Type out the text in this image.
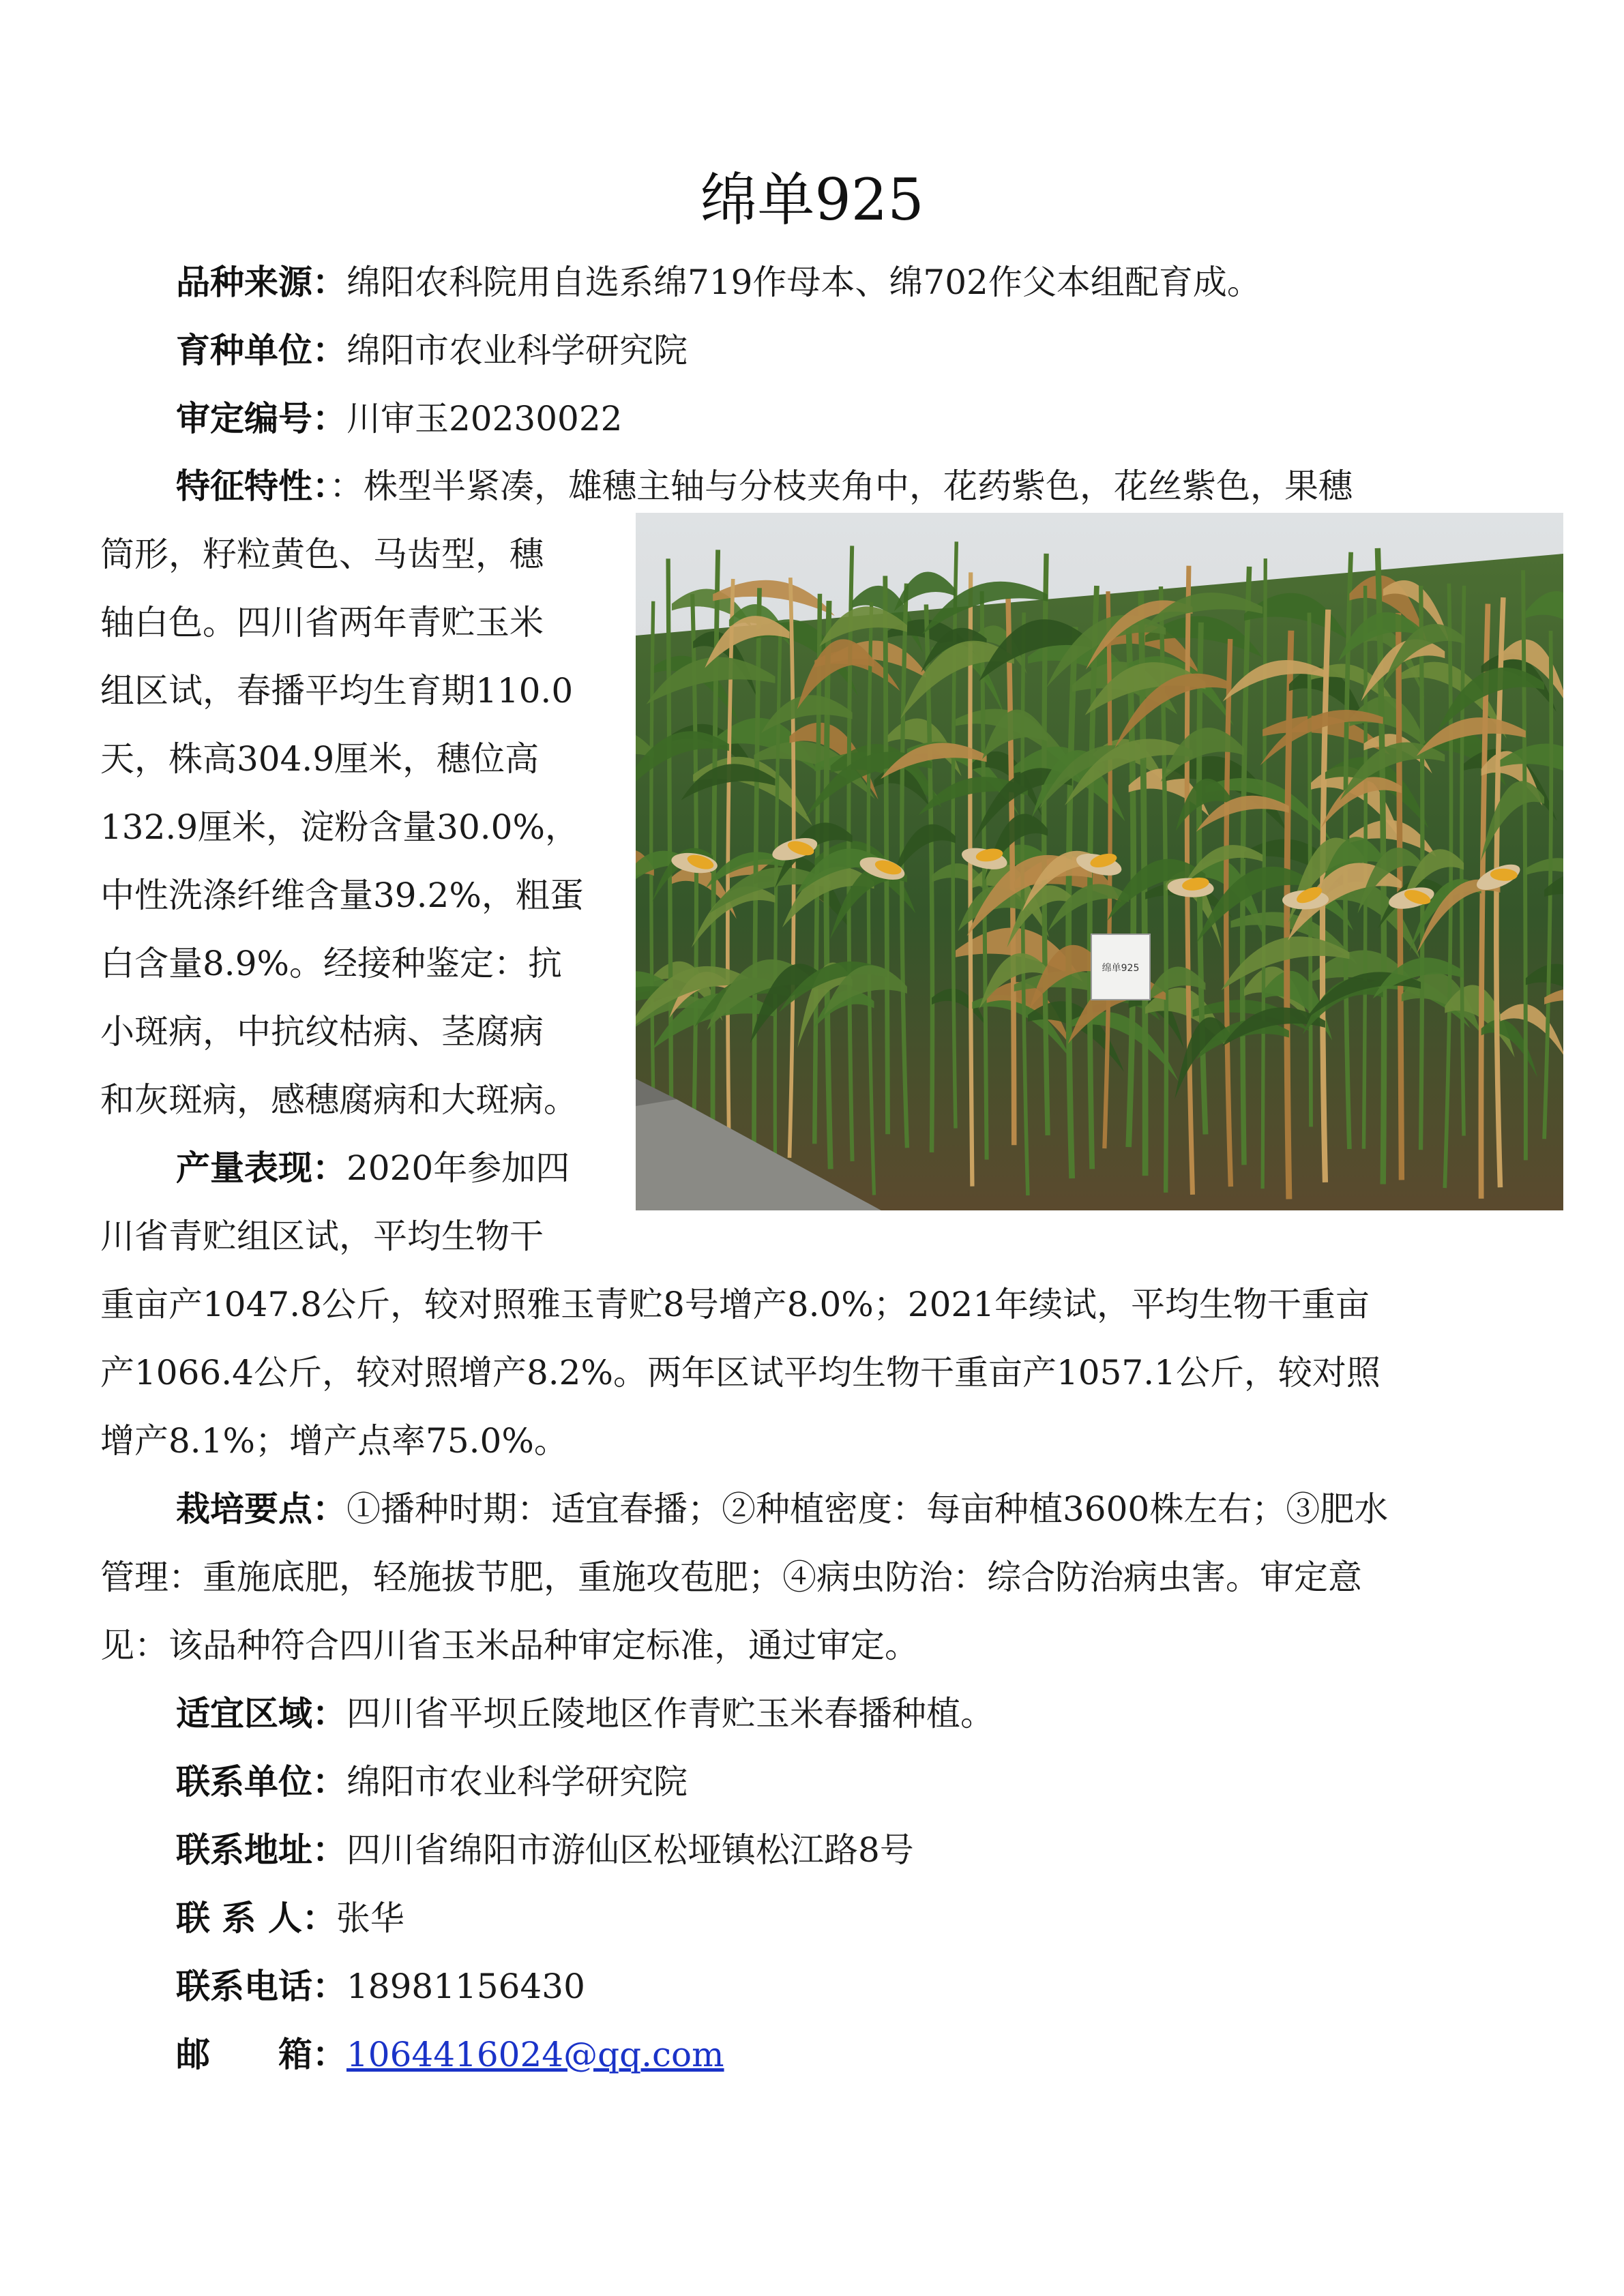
绵单925
品种来源：绵阳农科院用自选系绵719作母本、绵702作父本组配育成。
育种单位：绵阳市农业科学研究院
审定编号：川审玉20230022
特征特性：：株型半紧凑，雄穗主轴与分枝夹角中，花药紫色，花丝紫色，果穗
筒形，籽粒黄色、马齿型，穗
轴白色。四川省两年青贮玉米
组区试，春播平均生育期110.0
天，株高304.9厘米，穗位高
132.9厘米，淀粉含量30.0%，
中性洗涤纤维含量39.2%，粗蛋
白含量8.9%。经接种鉴定：抗
小斑病，中抗纹枯病、茎腐病
和灰斑病，感穗腐病和大斑病。
产量表现：2020年参加四
川省青贮组区试，平均生物干
重亩产1047.8公斤，较对照雅玉青贮8号增产8.0%；2021年续试，平均生物干重亩
产1066.4公斤，较对照增产8.2%。两年区试平均生物干重亩产1057.1公斤，较对照
增产8.1%；增产点率75.0%。
栽培要点：①播种时期：适宜春播；②种植密度：每亩种植3600株左右；③肥水
管理：重施底肥，轻施拔节肥，重施攻苞肥；④病虫防治：综合防治病虫害。审定意
见：该品种符合四川省玉米品种审定标准，通过审定。
适宜区域：四川省平坝丘陵地区作青贮玉米春播种植。
联系单位：绵阳市农业科学研究院
联系地址：四川省绵阳市游仙区松垭镇松江路8号
联 系 人：张华
联系电话：18981156430
邮　　箱：1064416024@qq.com
绵单925
